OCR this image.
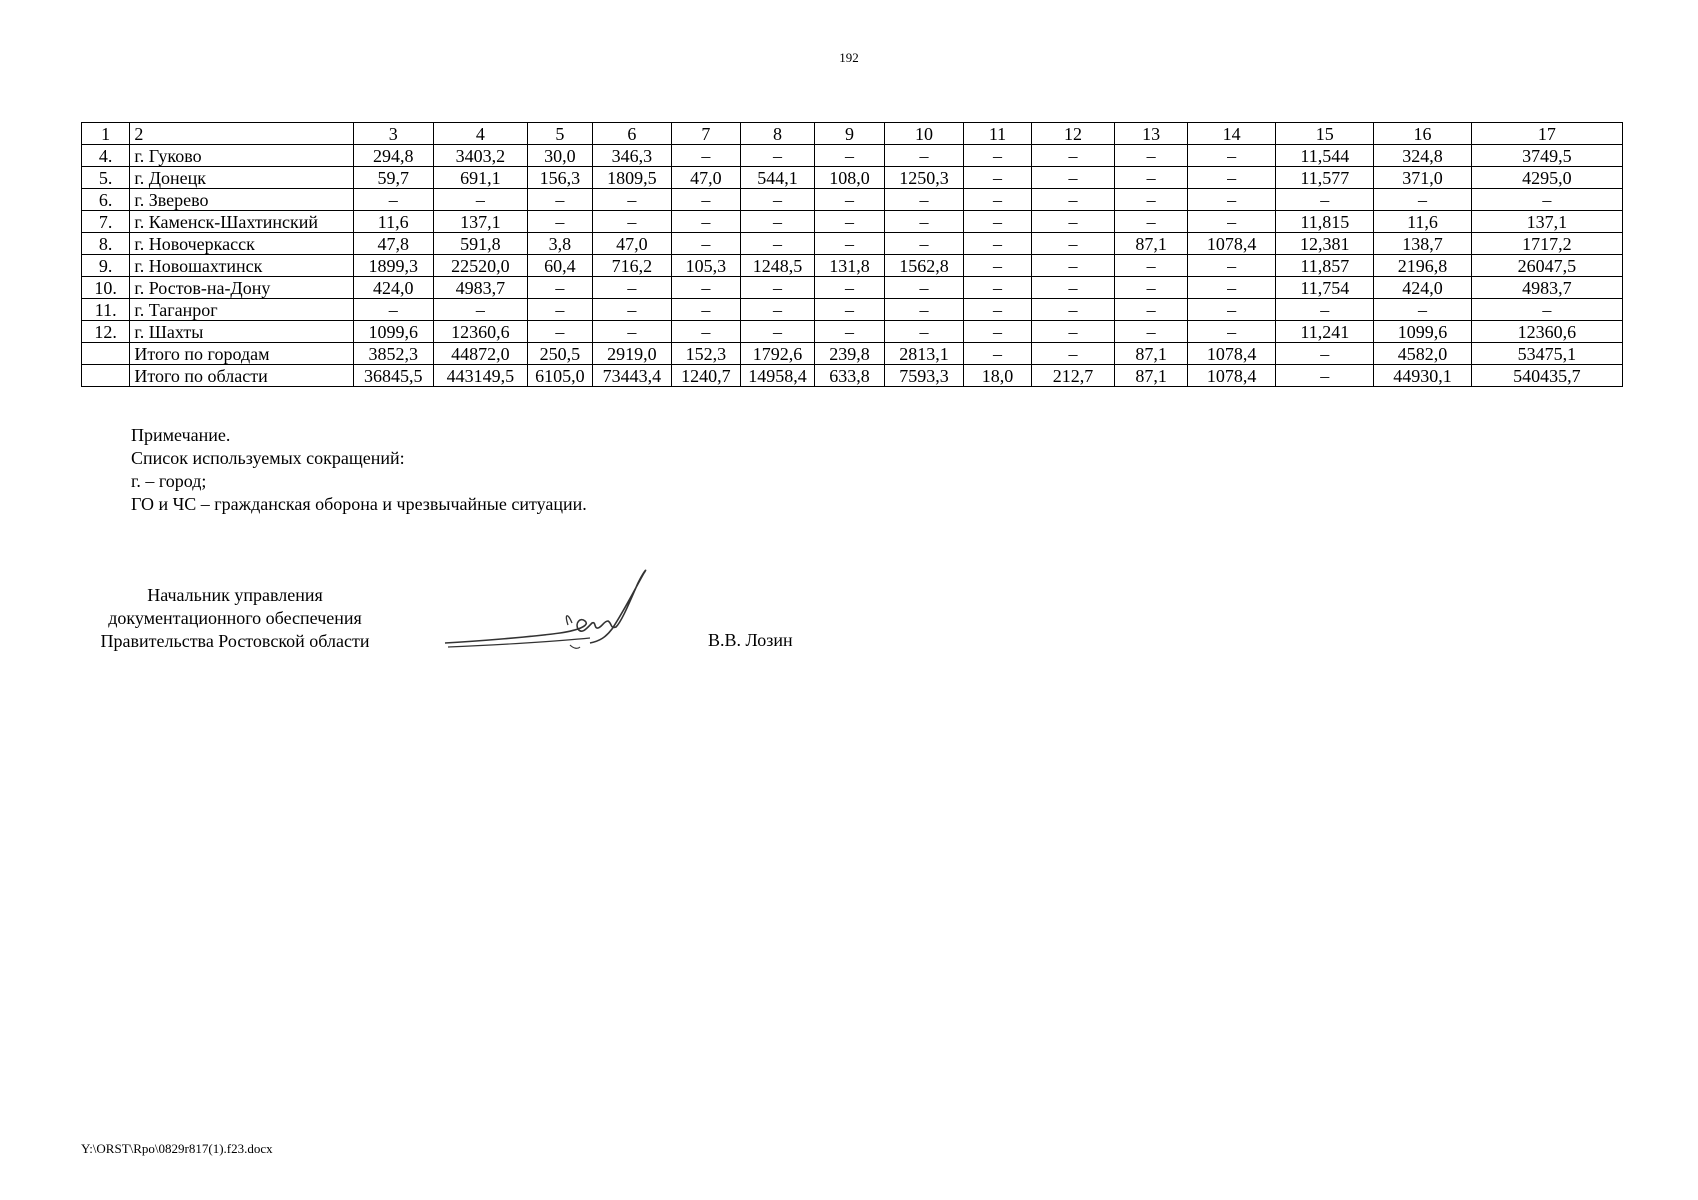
192
1	2	3	4	5	6	7	8	9	10	11	12	13	14	15	16	17
4.	г. Гуково	294,8	3403,2	30,0	346,3	–	–	–	–	–	–	–	–	11,544	324,8	3749,5
5.	г. Донецк	59,7	691,1	156,3	1809,5	47,0	544,1	108,0	1250,3	–	–	–	–	11,577	371,0	4295,0
6.	г. Зверево	–	–	–	–	–	–	–	–	–	–	–	–	–	–	–
7.	г. Каменск-Шахтинский	11,6	137,1	–	–	–	–	–	–	–	–	–	–	11,815	11,6	137,1
8.	г. Новочеркасск	47,8	591,8	3,8	47,0	–	–	–	–	–	–	87,1	1078,4	12,381	138,7	1717,2
9.	г. Новошахтинск	1899,3	22520,0	60,4	716,2	105,3	1248,5	131,8	1562,8	–	–	–	–	11,857	2196,8	26047,5
10.	г. Ростов-на-Дону	424,0	4983,7	–	–	–	–	–	–	–	–	–	–	11,754	424,0	4983,7
11.	г. Таганрог	–	–	–	–	–	–	–	–	–	–	–	–	–	–	–
12.	г. Шахты	1099,6	12360,6	–	–	–	–	–	–	–	–	–	–	11,241	1099,6	12360,6
	Итого по городам	3852,3	44872,0	250,5	2919,0	152,3	1792,6	239,8	2813,1	–	–	87,1	1078,4	–	4582,0	53475,1
	Итого по области	36845,5	443149,5	6105,0	73443,4	1240,7	14958,4	633,8	7593,3	18,0	212,7	87,1	1078,4	–	44930,1	540435,7
Примечание.
Список используемых сокращений:
г. – город;
ГО и ЧС – гражданская оборона и чрезвычайные ситуации.
Начальник управления
документационного обеспечения
Правительства Ростовской области	В.В. Лозин
Y:\ORST\Rpo\0829r817(1).f23.docx
